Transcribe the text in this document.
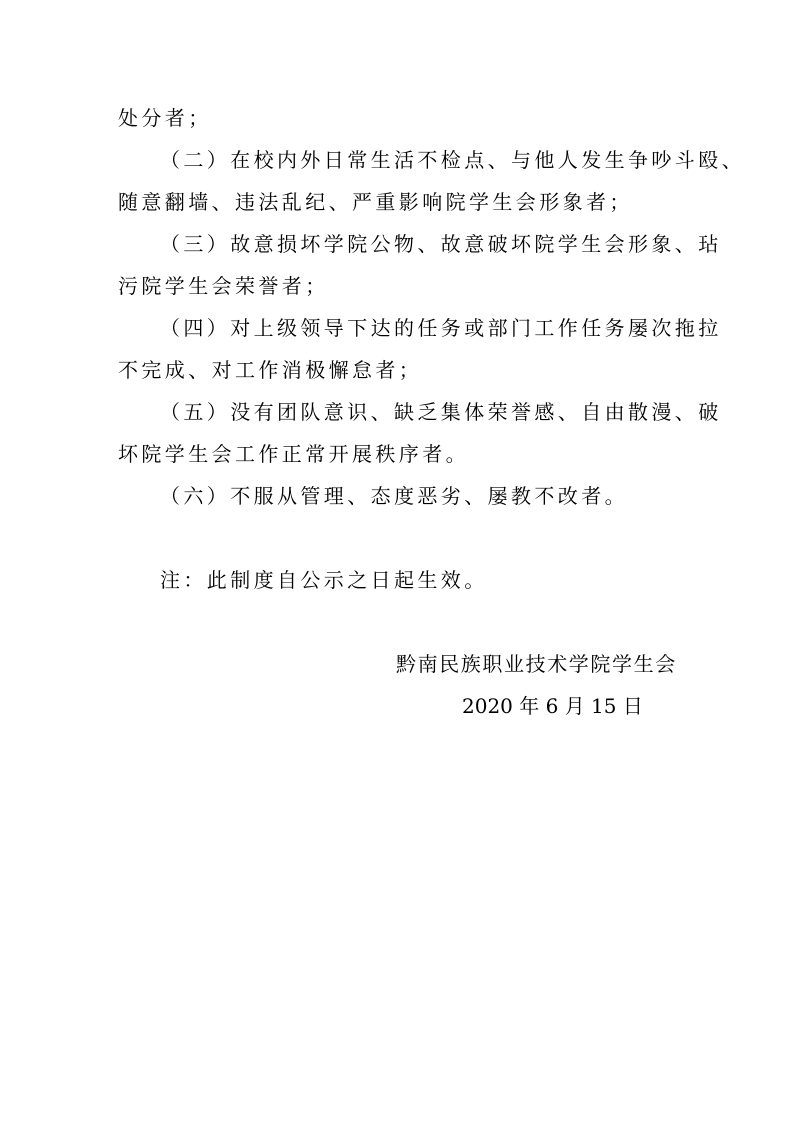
处分者；

（二）在校内外日常生活不检点、与他人发生争吵斗殴、

随意翻墙、违法乱纪、严重影响院学生会形象者；

（三）故意损坏学院公物、故意破坏院学生会形象、玷

污院学生会荣誉者；

（四）对上级领导下达的任务或部门工作任务屡次拖拉

不完成、对工作消极懈怠者；

（五）没有团队意识、缺乏集体荣誉感、自由散漫、破

坏院学生会工作正常开展秩序者。

（六）不服从管理、态度恶劣、屡教不改者。

注：此制度自公示之日起生效。

黔南民族职业技术学院学生会

2020 年 6 月 15 日
